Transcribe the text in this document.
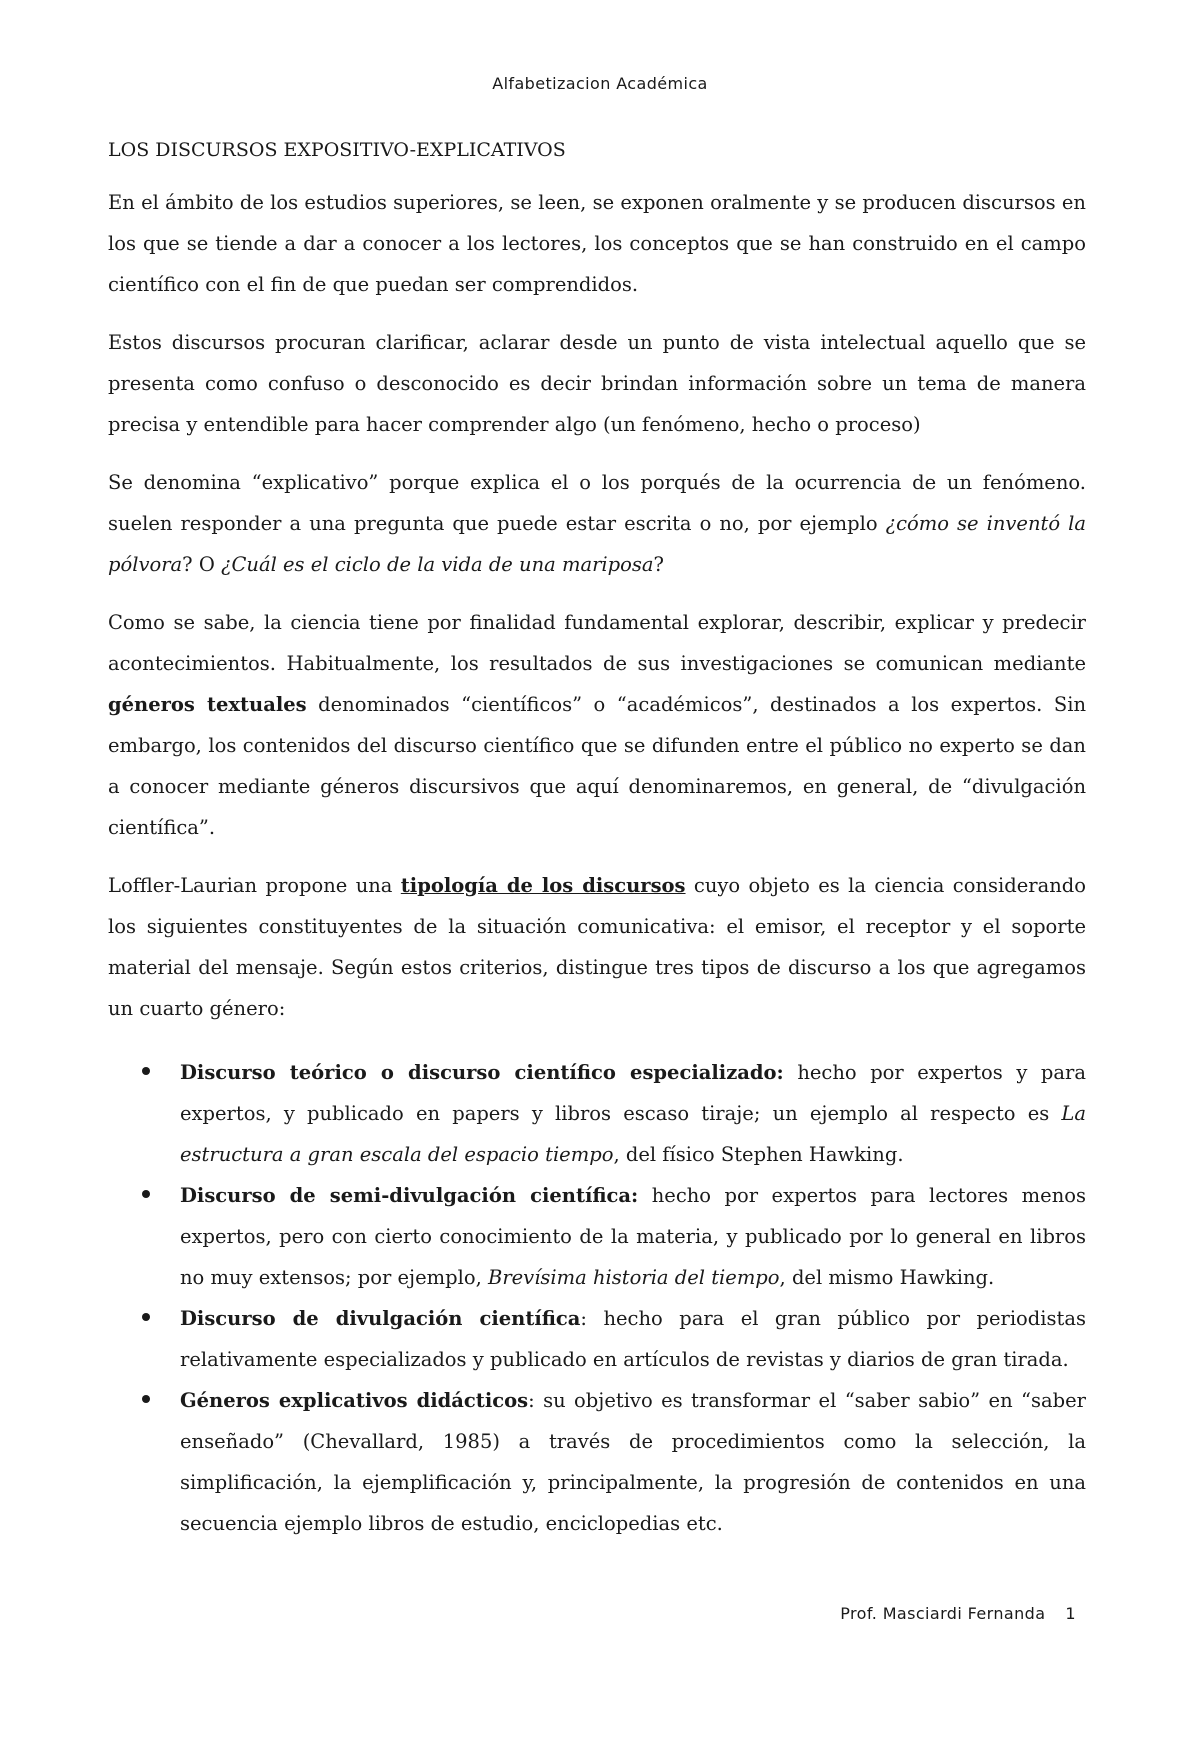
Alfabetizacion Académica
LOS DISCURSOS EXPOSITIVO-EXPLICATIVOS

En el ámbito de los estudios superiores, se leen, se exponen oralmente y se producen discursos en los que se tiende a dar a conocer a los lectores, los conceptos que se han construido en el campo científico con el fin de que puedan ser comprendidos.

Estos discursos procuran clarificar, aclarar desde un punto de vista intelectual aquello que se presenta como confuso o desconocido es decir brindan información sobre un tema de manera precisa y entendible para hacer comprender algo (un fenómeno, hecho o proceso)

Se denomina “explicativo” porque explica el o los porqués de la ocurrencia de un fenómeno. suelen responder a una pregunta que puede estar escrita o no, por ejemplo ¿cómo se inventó la pólvora? O ¿Cuál es el ciclo de la vida de una mariposa?

Como se sabe, la ciencia tiene por finalidad fundamental explorar, describir, explicar y predecir acontecimientos. Habitualmente, los resultados de sus investigaciones se comunican mediante géneros textuales denominados “científicos” o “académicos”, destinados a los expertos. Sin embargo, los contenidos del discurso científico que se difunden entre el público no experto se dan a conocer mediante géneros discursivos que aquí denominaremos, en general, de “divulgación científica”.

Loffler-Laurian propone una tipología de los discursos cuyo objeto es la ciencia considerando los siguientes constituyentes de la situación comunicativa: el emisor, el receptor y el soporte material del mensaje. Según estos criterios, distingue tres tipos de discurso a los que agregamos un cuarto género:

Discurso teórico o discurso científico especializado: hecho por expertos y para expertos, y publicado en papers y libros escaso tiraje; un ejemplo al respecto es La estructura a gran escala del espacio tiempo, del físico Stephen Hawking.
Discurso de semi-divulgación científica: hecho por expertos para lectores menos expertos, pero con cierto conocimiento de la materia, y publicado por lo general en libros no muy extensos; por ejemplo, Brevísima historia del tiempo, del mismo Hawking.
Discurso de divulgación científica: hecho para el gran público por periodistas relativamente especializados y publicado en artículos de revistas y diarios de gran tirada.
Géneros explicativos didácticos: su objetivo es transformar el “saber sabio” en “saber enseñado” (Chevallard, 1985) a través de procedimientos como la selección, la simplificación, la ejemplificación y, principalmente, la progresión de contenidos en una secuencia ejemplo libros de estudio, enciclopedias etc.
Prof. Masciardi Fernanda 1
